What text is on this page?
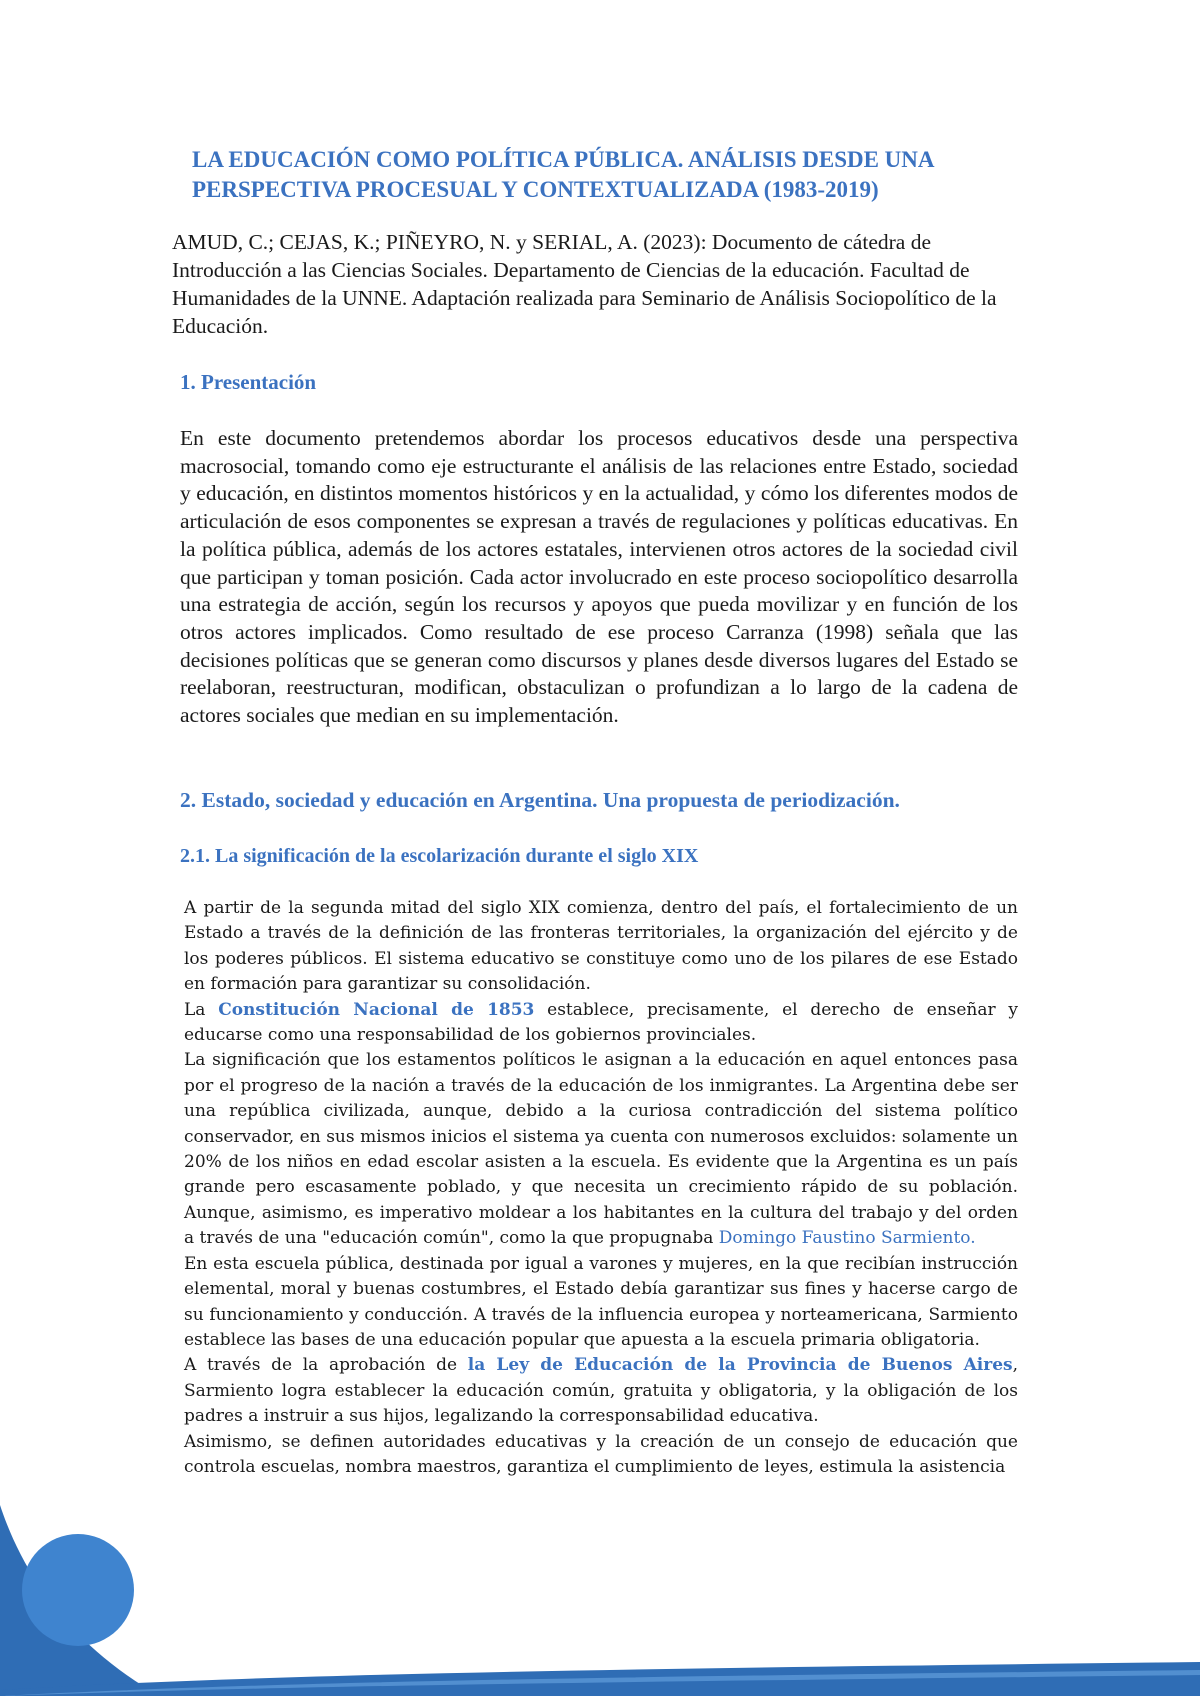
LA EDUCACIÓN COMO POLÍTICA PÚBLICA. ANÁLISIS DESDE UNA PERSPECTIVA PROCESUAL Y CONTEXTUALIZADA (1983-2019)

AMUD, C.; CEJAS, K.; PIÑEYRO, N. y SERIAL, A. (2023): Documento de cátedra de Introducción a las Ciencias Sociales. Departamento de Ciencias de la educación. Facultad de Humanidades de la UNNE. Adaptación realizada para Seminario de Análisis Sociopolítico de la Educación.

1. Presentación

En este documento pretendemos abordar los procesos educativos desde una perspectiva macrosocial, tomando como eje estructurante el análisis de las relaciones entre Estado, sociedad y educación, en distintos momentos históricos y en la actualidad, y cómo los diferentes modos de articulación de esos componentes se expresan a través de regulaciones y políticas educativas. En la política pública, además de los actores estatales, intervienen otros actores de la sociedad civil que participan y toman posición. Cada actor involucrado en este proceso sociopolítico desarrolla una estrategia de acción, según los recursos y apoyos que pueda movilizar y en función de los otros actores implicados. Como resultado de ese proceso Carranza (1998) señala que las decisiones políticas que se generan como discursos y planes desde diversos lugares del Estado se reelaboran, reestructuran, modifican, obstaculizan o profundizan a lo largo de la cadena de actores sociales que median en su implementación.

2. Estado, sociedad y educación en Argentina. Una propuesta de periodización.
2.1. La significación de la escolarización durante el siglo XIX

A partir de la segunda mitad del siglo XIX comienza, dentro del país, el fortalecimiento de un Estado a través de la definición de las fronteras territoriales, la organización del ejército y de los poderes públicos. El sistema educativo se constituye como uno de los pilares de ese Estado en formación para garantizar su consolidación.

La Constitución Nacional de 1853 establece, precisamente, el derecho de enseñar y educarse como una responsabilidad de los gobiernos provinciales.

La significación que los estamentos políticos le asignan a la educación en aquel entonces pasa por el progreso de la nación a través de la educación de los inmigrantes. La Argentina debe ser una república civilizada, aunque, debido a la curiosa contradicción del sistema político conservador, en sus mismos inicios el sistema ya cuenta con numerosos excluidos: solamente un 20% de los niños en edad escolar asisten a la escuela. Es evidente que la Argentina es un país grande pero escasamente poblado, y que necesita un crecimiento rápido de su población. Aunque, asimismo, es imperativo moldear a los habitantes en la cultura del trabajo y del orden a través de una "educación común", como la que propugnaba Domingo Faustino Sarmiento.

En esta escuela pública, destinada por igual a varones y mujeres, en la que recibían instrucción elemental, moral y buenas costumbres, el Estado debía garantizar sus fines y hacerse cargo de su funcionamiento y conducción. A través de la influencia europea y norteamericana, Sarmiento establece las bases de una educación popular que apuesta a la escuela primaria obligatoria.

A través de la aprobación de la Ley de Educación de la Provincia de Buenos Aires, Sarmiento logra establecer la educación común, gratuita y obligatoria, y la obligación de los padres a instruir a sus hijos, legalizando la corresponsabilidad educativa.

Asimismo, se definen autoridades educativas y la creación de un consejo de educación que controla escuelas, nombra maestros, garantiza el cumplimiento de leyes, estimula la asistencia
